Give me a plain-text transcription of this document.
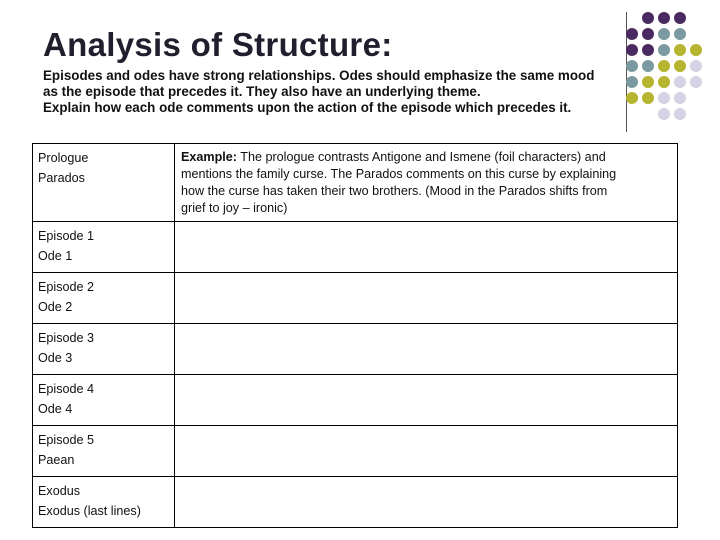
Analysis of Structure:
Episodes and odes have strong relationships. Odes should emphasize the same mood
as the episode that precedes it. They also have an underlying theme.
Explain how each ode comments upon the action of the episode which precedes it.
Prologue
Parados	Example: The prologue contrasts Antigone and Ismene (foil characters) and
mentions the family curse. The Parados comments on this curse by explaining
how the curse has taken their two brothers. (Mood in the Parados shifts from
grief to joy – ironic)

Episode 1
Ode 1	

Episode 2
Ode 2	

Episode 3
Ode 3	

Episode 4
Ode 4	

Episode 5
Paean	

Exodus
Exodus (last lines)	
